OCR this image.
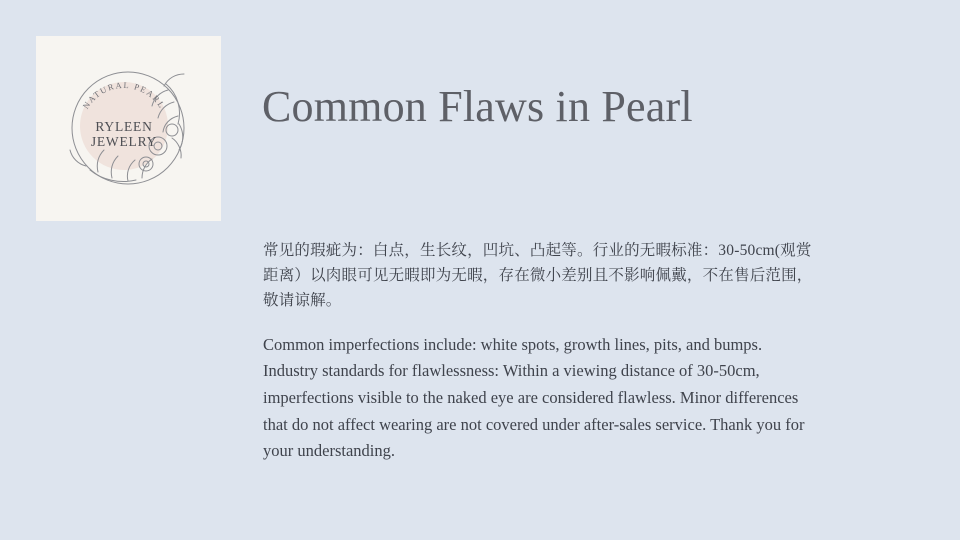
NATURAL PEARL
RYLEEN
JEWELRY
Common Flaws in Pearl

常见的瑕疵为：白点，生长纹，凹坑、凸起等。行业的无暇标准：30-50cm(观赏距离）以肉眼可见无暇即为无暇，存在微小差别且不影响佩戴，不在售后范围，敬请谅解。

Common imperfections include: white spots, growth lines, pits, and bumps. Industry standards for flawlessness: Within a viewing distance of 30-50cm, imperfections visible to the naked eye are considered flawless. Minor differences that do not affect wearing are not covered under after-sales service. Thank you for your understanding.
